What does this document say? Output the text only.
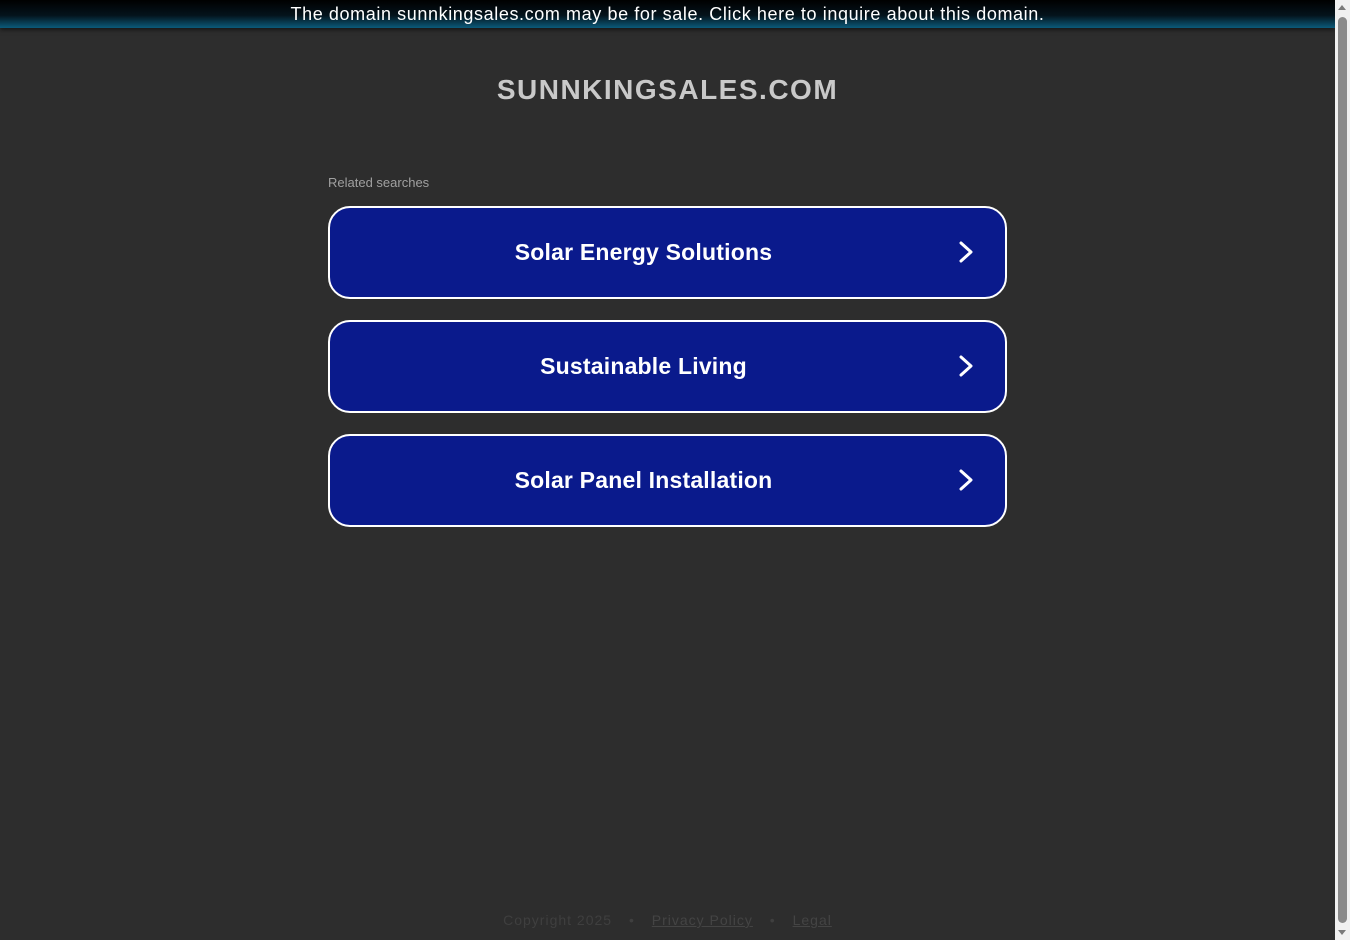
The domain sunnkingsales.com may be for sale. Click here to inquire about this domain.
SUNNKINGSALES.COM
Related searches
Solar Energy Solutions
Sustainable Living
Solar Panel Installation
Copyright 2025 • Privacy Policy • Legal
